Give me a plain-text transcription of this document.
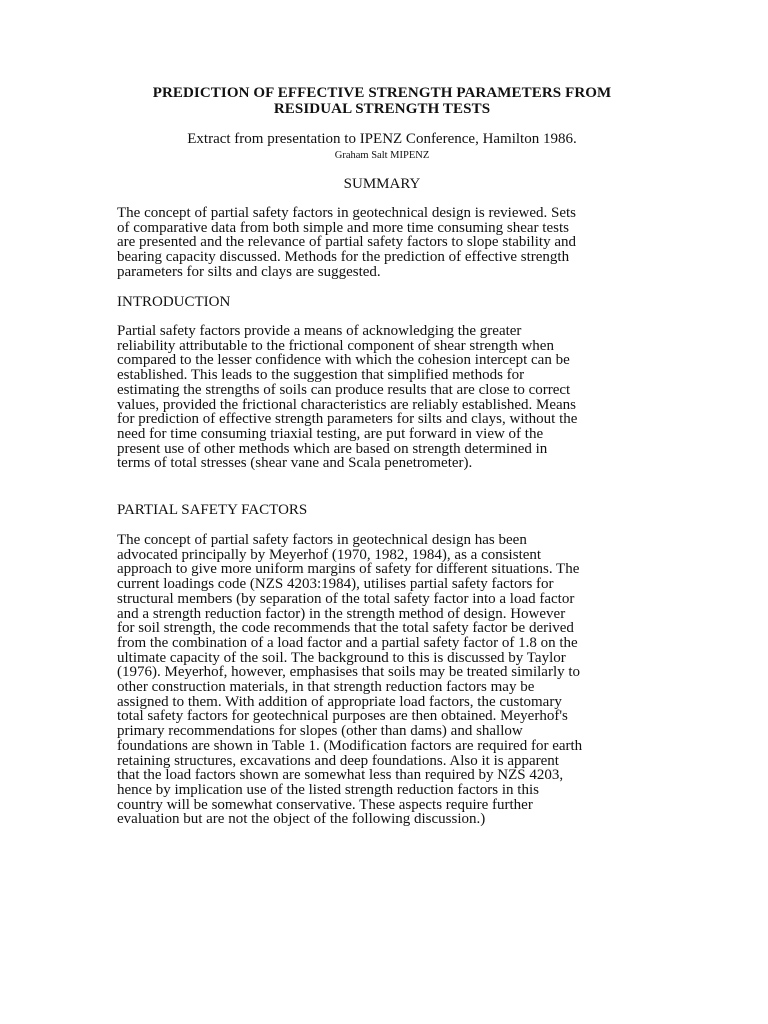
PREDICTION OF EFFECTIVE STRENGTH PARAMETERS FROM
RESIDUAL STRENGTH TESTS
Extract from presentation to IPENZ Conference, Hamilton 1986.
Graham Salt MIPENZ
SUMMARY
The concept of partial safety factors in geotechnical design is reviewed. Sets
of comparative data from both simple and more time consuming shear tests
are presented and the relevance of partial safety factors to slope stability and
bearing capacity discussed. Methods for the prediction of effective strength
parameters for silts and clays are suggested.
INTRODUCTION
Partial safety factors provide a means of acknowledging the greater
reliability attributable to the frictional component of shear strength when
compared to the lesser confidence with which the cohesion intercept can be
established. This leads to the suggestion that simplified methods for
estimating the strengths of soils can produce results that are close to correct
values, provided the frictional characteristics are reliably established. Means
for prediction of effective strength parameters for silts and clays, without the
need for time consuming triaxial testing, are put forward in view of the
present use of other methods which are based on strength determined in
terms of total stresses (shear vane and Scala penetrometer).
PARTIAL SAFETY FACTORS
The concept of partial safety factors in geotechnical design has been
advocated principally by Meyerhof (1970, 1982, 1984), as a consistent
approach to give more uniform margins of safety for different situations. The
current loadings code (NZS 4203:1984), utilises partial safety factors for
structural members (by separation of the total safety factor into a load factor
and a strength reduction factor) in the strength method of design. However
for soil strength, the code recommends that the total safety factor be derived
from the combination of a load factor and a partial safety factor of 1.8 on the
ultimate capacity of the soil. The background to this is discussed by Taylor
(1976). Meyerhof, however, emphasises that soils may be treated similarly to
other construction materials, in that strength reduction factors may be
assigned to them. With addition of appropriate load factors, the customary
total safety factors for geotechnical purposes are then obtained. Meyerhof's
primary recommendations for slopes (other than dams) and shallow
foundations are shown in Table 1. (Modification factors are required for earth
retaining structures, excavations and deep foundations. Also it is apparent
that the load factors shown are somewhat less than required by NZS 4203,
hence by implication use of the listed strength reduction factors in this
country will be somewhat conservative. These aspects require further
evaluation but are not the object of the following discussion.)
